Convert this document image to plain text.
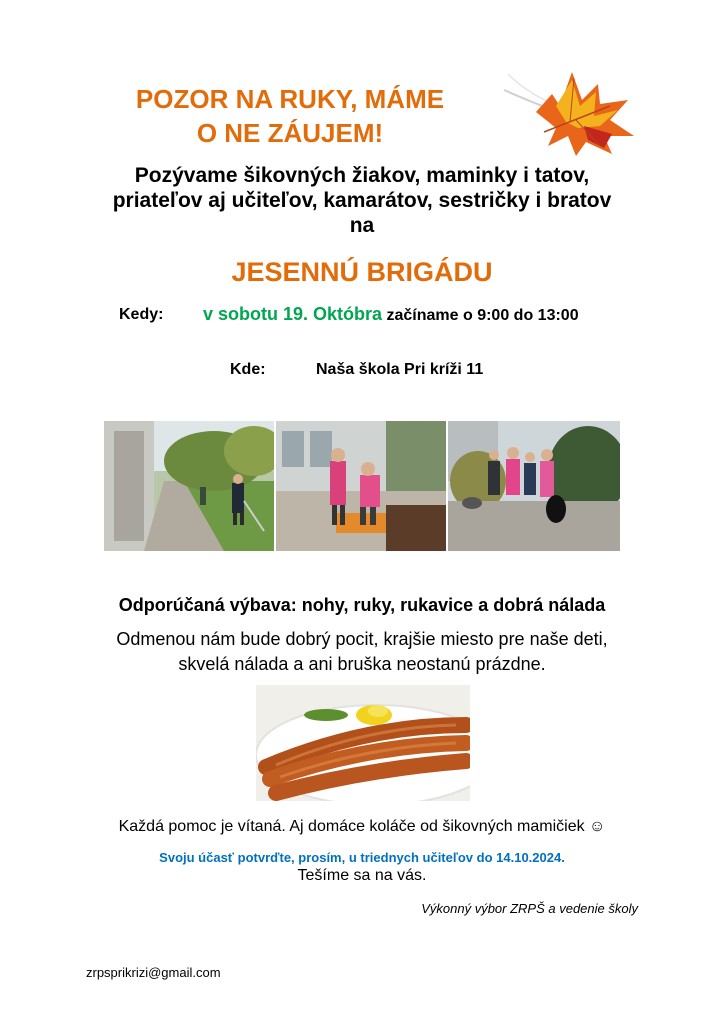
POZOR NA RUKY, MÁME
O NE ZÁUJEM!
Pozývame šikovných žiakov, maminky i tatov,
priateľov aj učiteľov, kamarátov, sestričky i bratov
na
JESENNÚ BRIGÁDU
Kedy: v sobotu 19. Októbra začíname o 9:00 do 13:00
Kde:	Naša škola Pri kríži 11
Odporúčaná výbava: nohy, ruky, rukavice a dobrá nálada
Odmenou nám bude dobrý pocit, krajšie miesto pre naše deti,
skvelá nálada a ani bruška neostanú prázdne.
Každá pomoc je vítaná. Aj domáce koláče od šikovných mamičiek ☺
Svoju účasť potvrďte, prosím, u triednych učiteľov do 14.10.2024.
Tešíme sa na vás.
Výkonný výbor ZRPŠ a vedenie školy
zrpsprikrizi@gmail.com
